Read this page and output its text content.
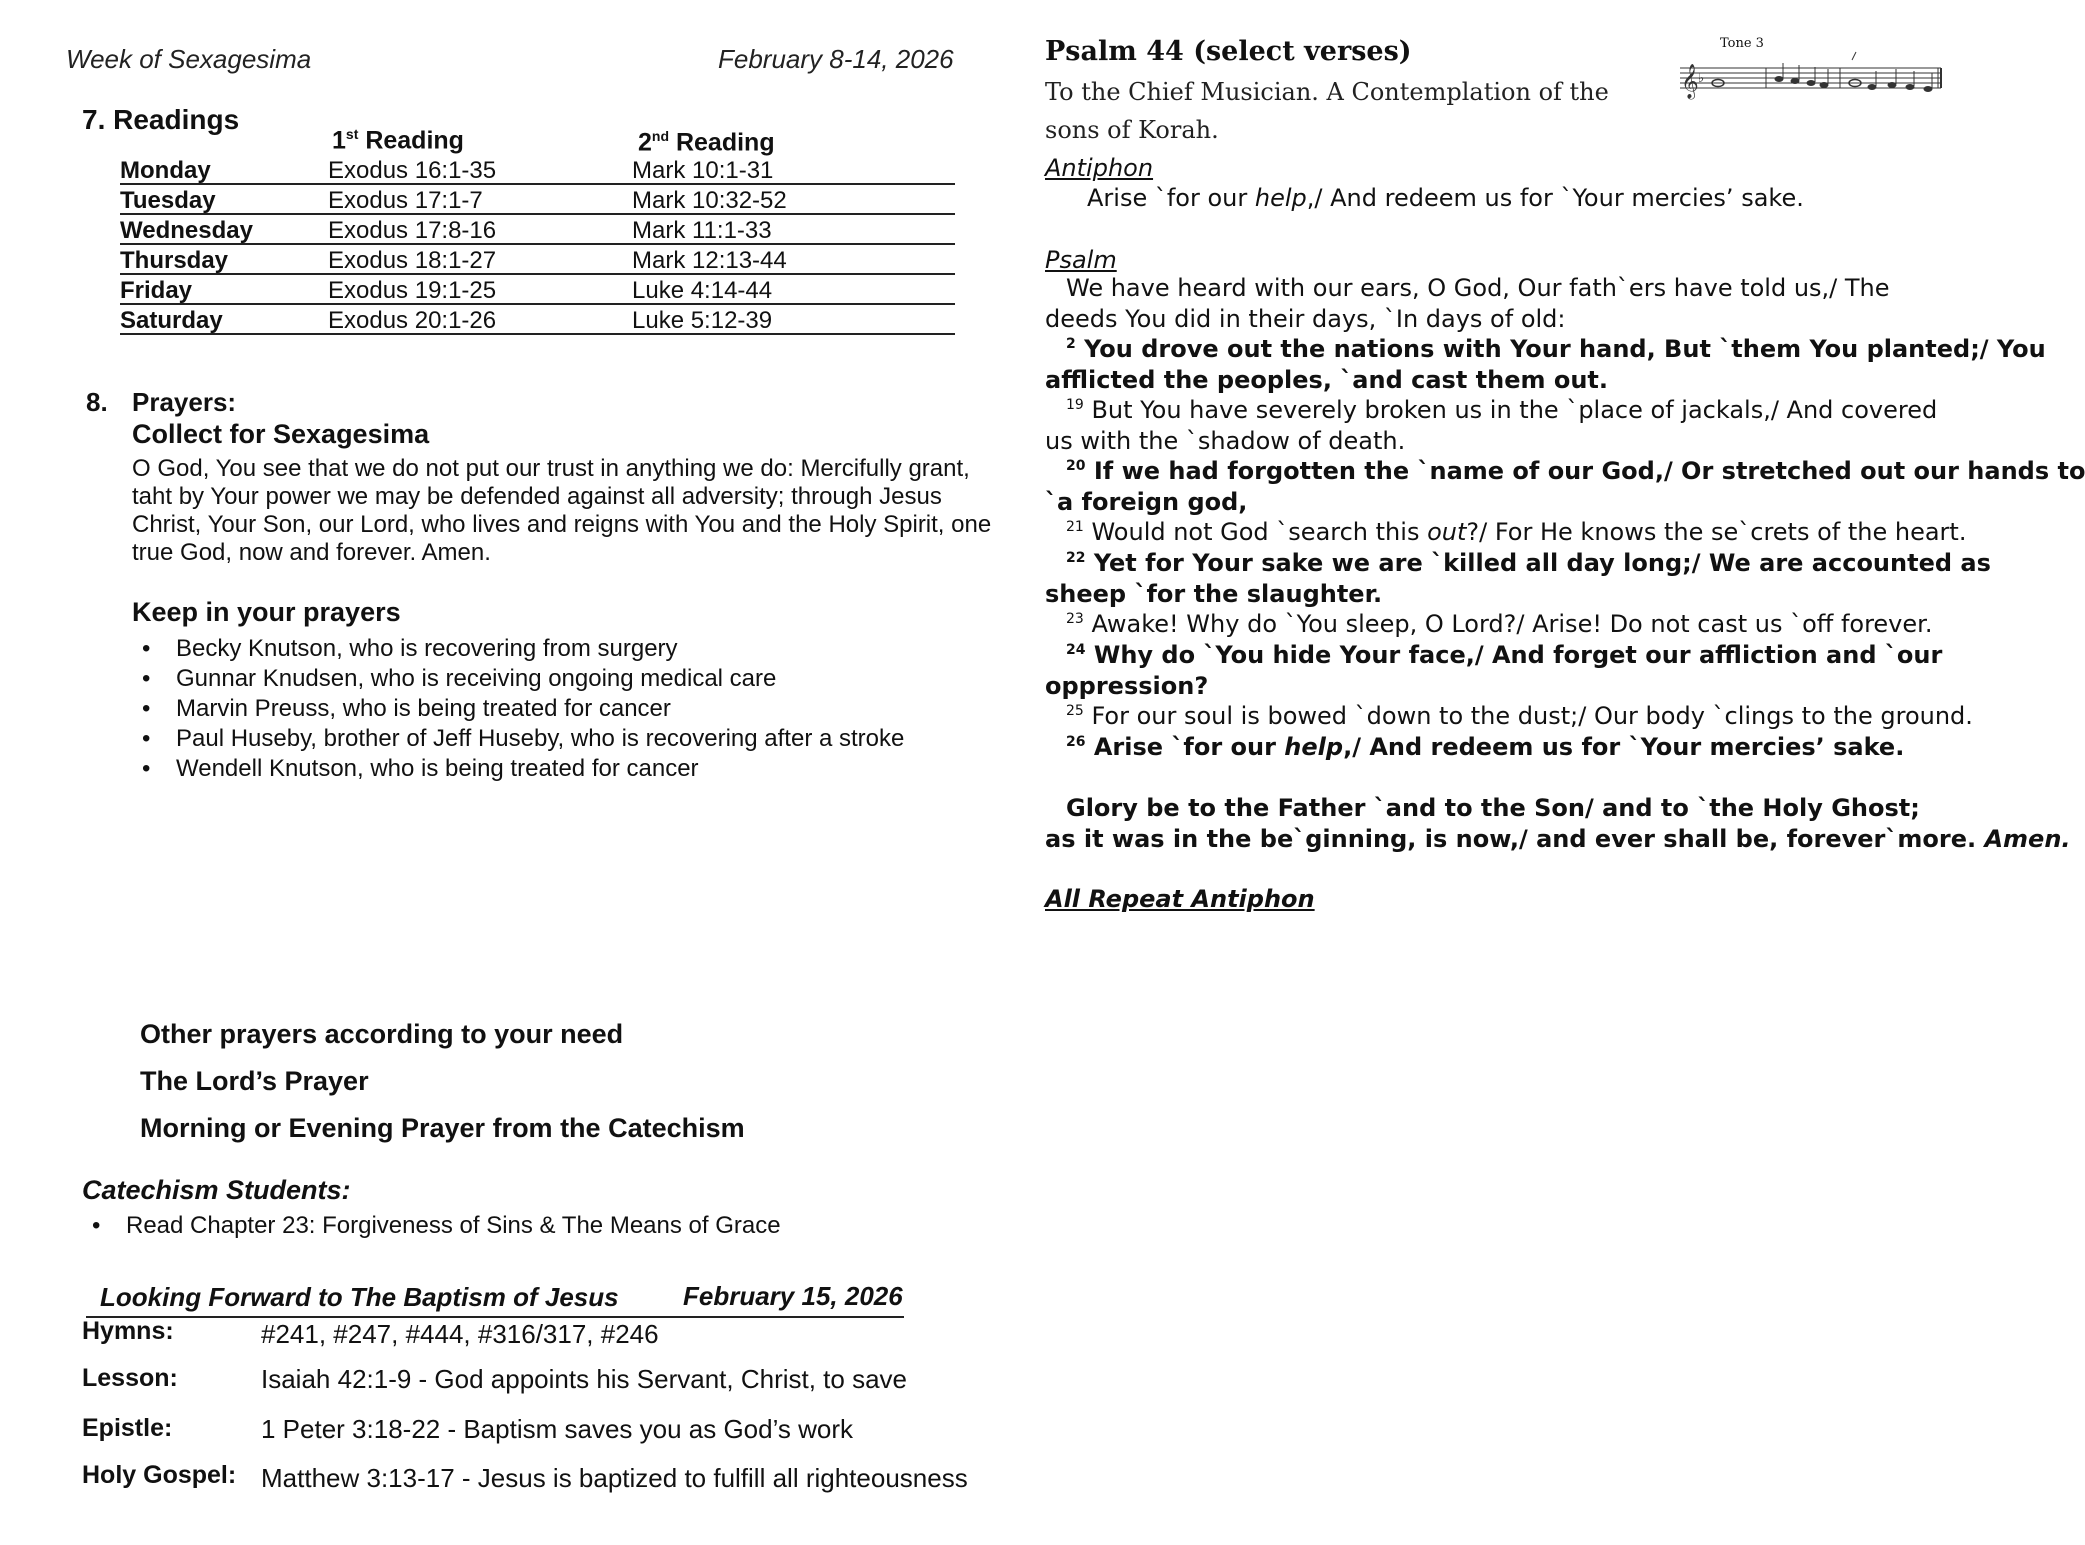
Week of Sexagesima	February 8-14, 2026
7. Readings
1st Reading	2nd Reading
Monday	Exodus 16:1-35	Mark 10:1-31
Tuesday	Exodus 17:1-7	Mark 10:32-52
Wednesday	Exodus 17:8-16	Mark 11:1-33
Thursday	Exodus 18:1-27	Mark 12:13-44
Friday	Exodus 19:1-25	Luke 4:14-44
Saturday	Exodus 20:1-26	Luke 5:12-39
8. Prayers:
Collect for Sexagesima
O God, You see that we do not put our trust in anything we do: Mercifully grant, taht by Your power we may be defended against all adversity; through Jesus Christ, Your Son, our Lord, who lives and reigns with You and the Holy Spirit, one true God, now and forever. Amen.
Keep in your prayers
• Becky Knutson, who is recovering from surgery
• Gunnar Knudsen, who is receiving ongoing medical care
• Marvin Preuss, who is being treated for cancer
• Paul Huseby, brother of Jeff Huseby, who is recovering after a stroke
• Wendell Knutson, who is being treated for cancer
Other prayers according to your need
The Lord’s Prayer
Morning or Evening Prayer from the Catechism
Catechism Students:
• Read Chapter 23: Forgiveness of Sins & The Means of Grace
Looking Forward to The Baptism of Jesus February 15, 2026
Hymns:	#241, #247, #444, #316/317, #246
Lesson:	Isaiah 42:1-9 - God appoints his Servant, Christ, to save
Epistle:	1 Peter 3:18-22 - Baptism saves you as God’s work
Holy Gospel: Matthew 3:13-17 - Jesus is baptized to fulfill all righteousness
Psalm 44 (select verses)
To the Chief Musician. A Contemplation of the sons of Korah.
Tone 3
𝄞 ♭
Antiphon
Arise `for our help,/ And redeem us for `Your mercies’ sake.
Psalm
We have heard with our ears, O God, Our fath`ers have told us,/ The
deeds You did in their days, `In days of old:
$^2$ You drove out the nations with Your hand, But `them You planted;/ You
afflicted the peoples, `and cast them out.
$^{19}$ But You have severely broken us in the `place of jackals,/ And covered
us with the `shadow of death.
$^{20}$ If we had forgotten the `name of our God,/ Or stretched out our hands to
`a foreign god,
$^{21}$ Would not God `search this out?/ For He knows the se`crets of the heart.
$^{22}$ Yet for Your sake we are `killed all day long;/ We are accounted as
sheep `for the slaughter.
$^{23}$ Awake! Why do `You sleep, O Lord?/ Arise! Do not cast us `off forever.
$^{24}$ Why do `You hide Your face,/ And forget our affliction and `our
oppression?
$^{25}$ For our soul is bowed `down to the dust;/ Our body `clings to the ground.
$^{26}$ Arise `for our help,/ And redeem us for `Your mercies’ sake.
Glory be to the Father `and to the Son/ and to `the Holy Ghost;
as it was in the be`ginning, is now,/ and ever shall be, forever`more. Amen.
All Repeat Antiphon
